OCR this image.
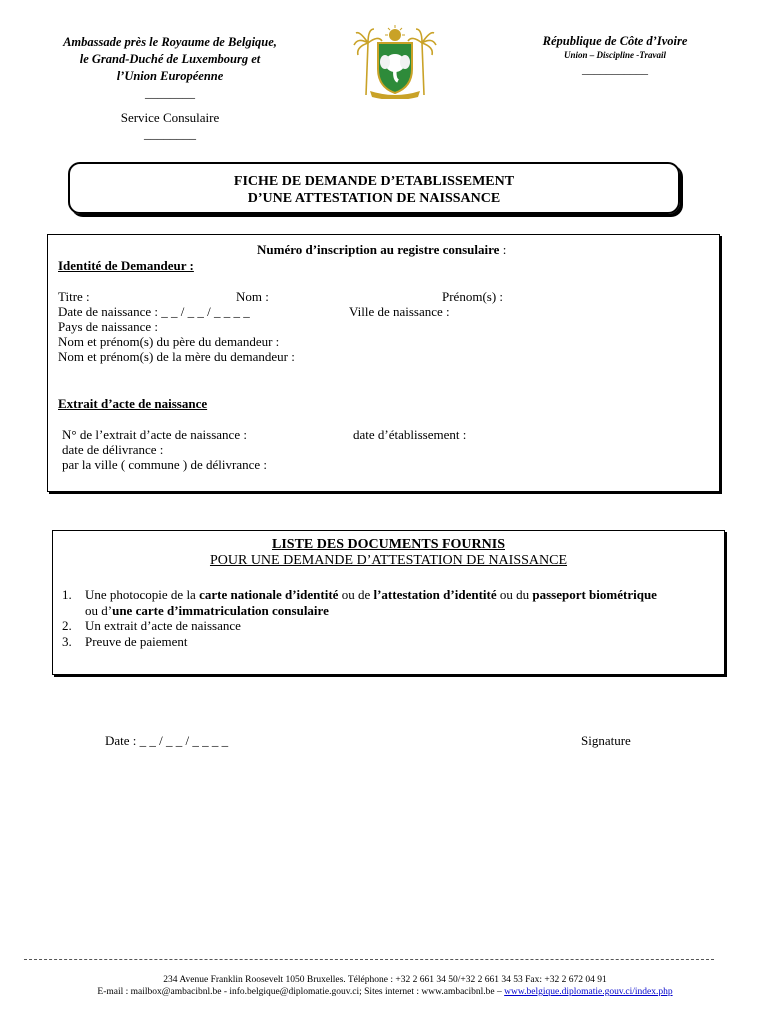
Ambassade près le Royaume de Belgique,
le Grand-Duché de Luxembourg et
l’Union Européenne
________
Service Consulaire
________
République de Côte d’Ivoire
Union – Discipline -Travail
___________
FICHE DE DEMANDE D’ETABLISSEMENT
D’UNE ATTESTATION DE NAISSANCE
Numéro d’inscription au registre consulaire :
Identité de Demandeur :
Titre :	Nom :	Prénom(s) :
Date de naissance : _ _ / _ _ / _ _ _ _	Ville de naissance :
Pays de naissance :
Nom et prénom(s) du père du demandeur :
Nom et prénom(s) de la mère du demandeur :
Extrait d’acte de naissance
N° de l’extrait d’acte de naissance :	date d’établissement :
date de délivrance :
par la ville ( commune ) de délivrance :
LISTE DES DOCUMENTS FOURNIS
POUR UNE DEMANDE D’ATTESTATION DE NAISSANCE
1. Une photocopie de la carte nationale d’identité ou de l’attestation d’identité ou du passeport biométrique
ou d’une carte d’immatriculation consulaire
2. Un extrait d’acte de naissance
3. Preuve de paiement
Date : _ _ / _ _ / _ _ _ _	Signature
234 Avenue Franklin Roosevelt 1050 Bruxelles. Téléphone : +32 2 661 34 50/+32 2 661 34 53 Fax: +32 2 672 04 91
E-mail : mailbox@ambacibnl.be - info.belgique@diplomatie.gouv.ci; Sites internet : www.ambacibnl.be – www.belgique.diplomatie.gouv.ci/index.php
